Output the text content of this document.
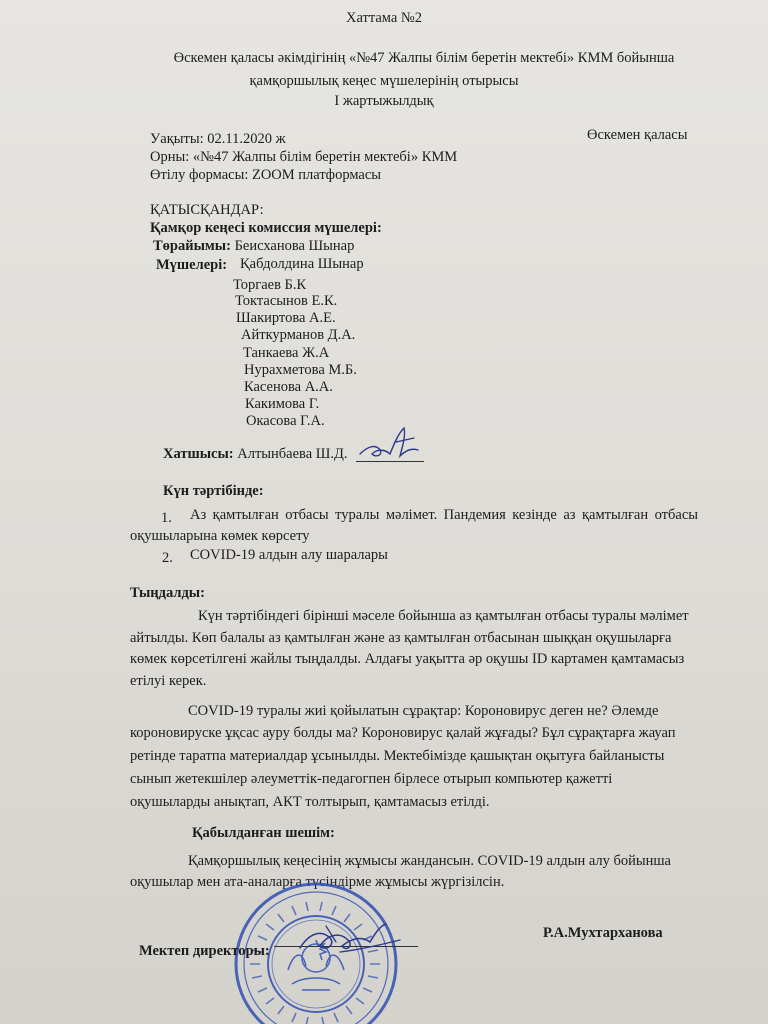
Хаттама №2
Өскемен қаласы әкімдігінің «№47 Жалпы білім беретін мектебі» КММ бойынша
қамқоршылық кеңес мүшелерінің отырысы
I жартыжылдық
Уақыты: 02.11.2020 ж	Өскемен қаласы
Орны: «№47 Жалпы білім беретін мектебі» КММ
Өтілу формасы: ZOOM платформасы
ҚАТЫСҚАНДАР:
Қамқор кеңесі комиссия мүшелері:
Төрайымы: Беисханова Шынар
Мүшелері: Қабдолдина Шынар
Торгаев Б.К
Токтасынов Е.К.
Шакиртова А.Е.
Айткурманов Д.А.
Танкаева Ж.А
Нурахметова М.Б.
Касенова А.А.
Какимова Г.
Окасова Г.А.
Хатшысы: Алтынбаева Ш.Д.
Күн тәртібінде:
1. Аз қамтылған отбасы туралы мәлімет. Пандемия кезінде аз қамтылған отбасы
оқушыларына көмек көрсету
2. COVID-19 алдын алу шаралары
Тыңдалды:
Күн тәртібіндегі бірінші мәселе бойынша аз қамтылған отбасы туралы мәлімет
айтылды. Көп балалы аз қамтылған және аз қамтылған отбасынан шыққан оқушыларға
көмек көрсетілгені жайлы тыңдалды. Алдағы уақытта әр оқушы ID картамен қамтамасыз
етілуі керек.
COVID-19 туралы жиі қойылатын сұрақтар: Короновирус деген не? Әлемде
короновируске ұқсас ауру болды ма? Короновирус қалай жұғады? Бұл сұрақтарға жауап
ретінде таратпа материалдар ұсынылды. Мектебімізде қашықтан оқытуға байланысты
сынып жетекшілер әлеуметтік-педагогпен бірлесе отырып компьютер қажетті
оқушыларды анықтап, АКТ толтырып, қамтамасыз етілді.
Қабылданған шешім:
Қамқоршылық кеңесінің жұмысы жандансын. COVID-19 алдын алу бойынша
оқушылар мен ата-аналарға түсіндірме жұмысы жүргізілсін.
Мектеп директоры:
Р.А.Мухтарханова
